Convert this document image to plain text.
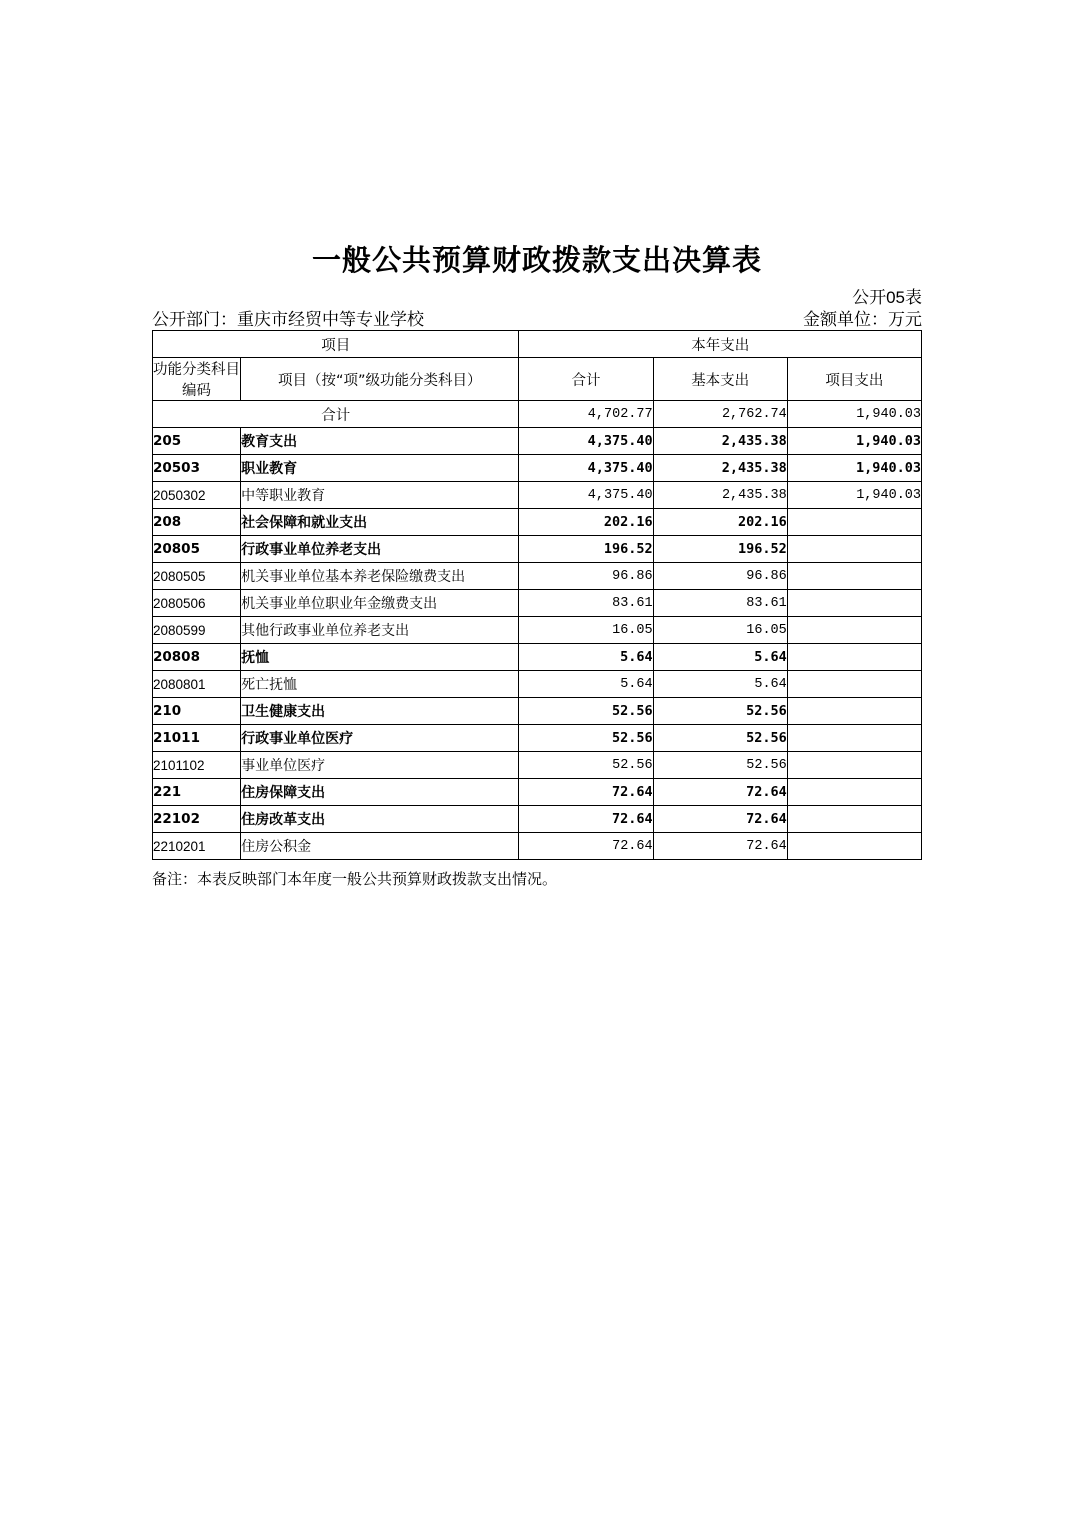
一般公共预算财政拨款支出决算表
公开05表
公开部门：重庆市经贸中等专业学校	金额单位：万元
项目		本年支出		
功能分类科目编码	项目（按“项”级功能分类科目）	合计	基本支出	项目支出
合计		4,702.77	2,762.74	1,940.03
205	教育支出	4,375.40	2,435.38	1,940.03
20503	职业教育	4,375.40	2,435.38	1,940.03
2050302	中等职业教育	4,375.40	2,435.38	1,940.03
208	社会保障和就业支出	202.16	202.16	
20805	行政事业单位养老支出	196.52	196.52	
2080505	机关事业单位基本养老保险缴费支出	96.86	96.86	
2080506	机关事业单位职业年金缴费支出	83.61	83.61	
2080599	其他行政事业单位养老支出	16.05	16.05	
20808	抚恤	5.64	5.64	
2080801	死亡抚恤	5.64	5.64	
210	卫生健康支出	52.56	52.56	
21011	行政事业单位医疗	52.56	52.56	
2101102	事业单位医疗	52.56	52.56	
221	住房保障支出	72.64	72.64	
22102	住房改革支出	72.64	72.64	
2210201	住房公积金	72.64	72.64	
备注：本表反映部门本年度一般公共预算财政拨款支出情况。
